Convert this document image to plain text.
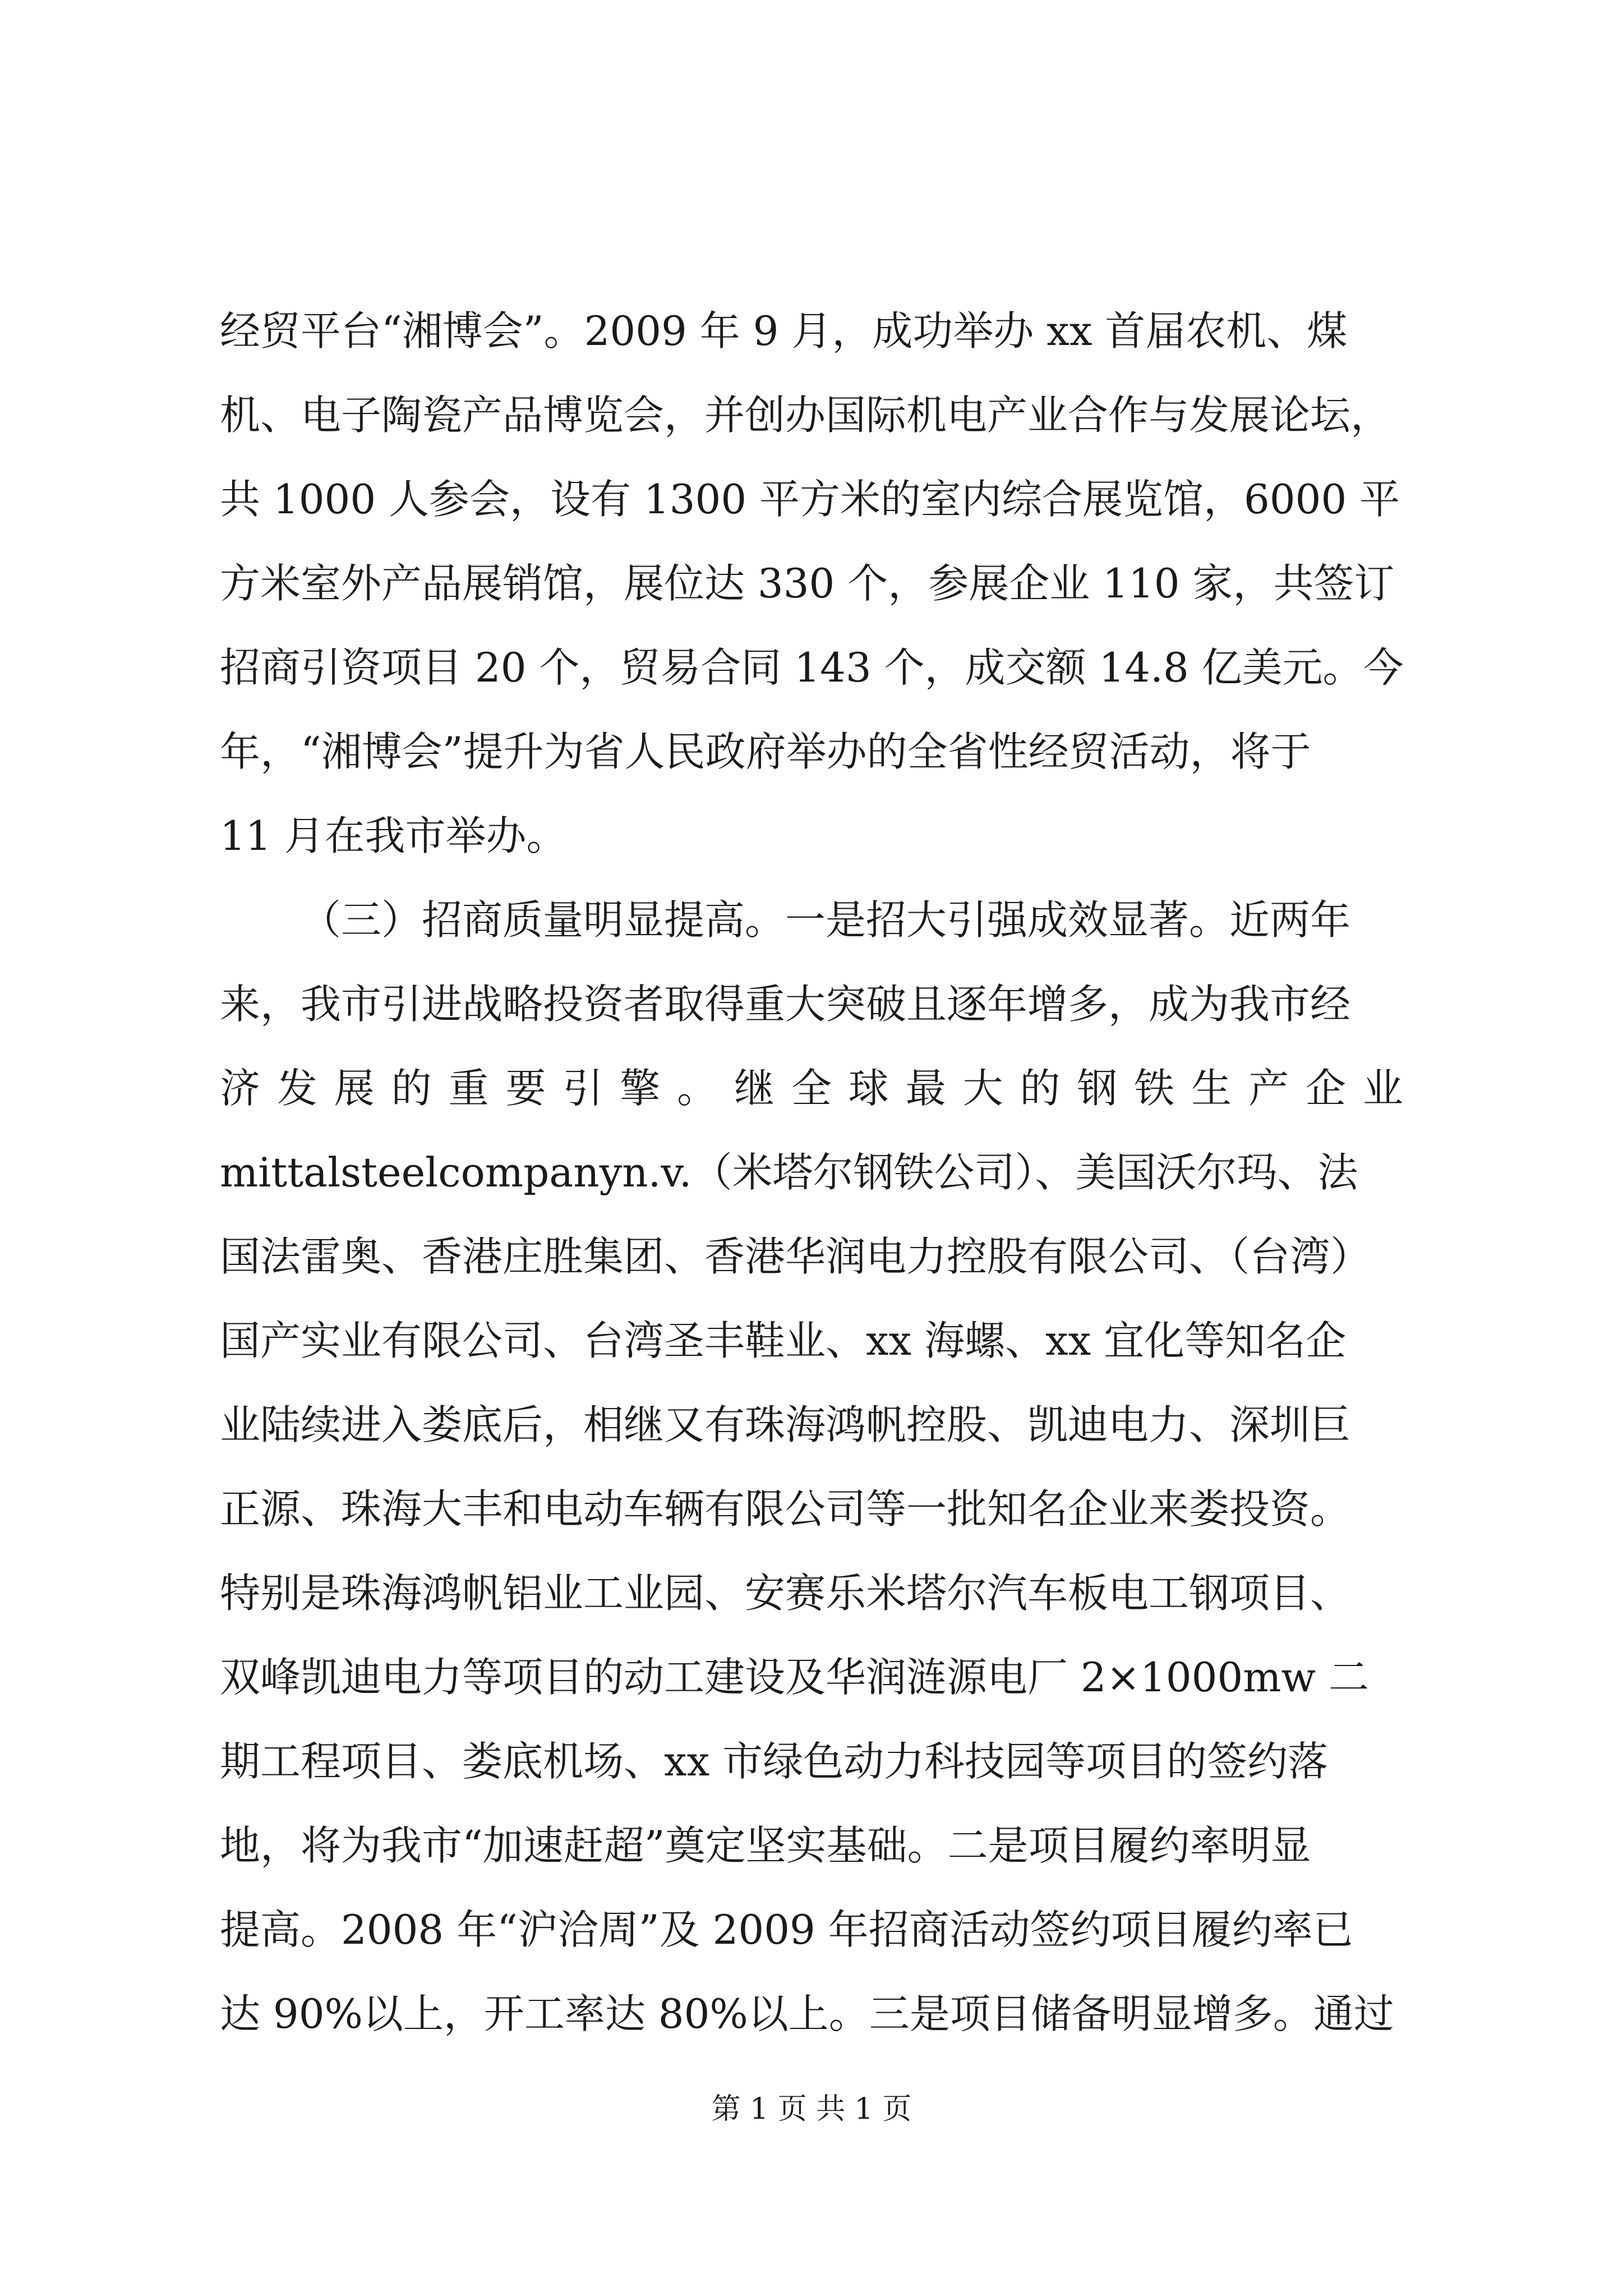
经贸平台“湘博会”。2009 年 9 月，成功举办 xx 首届农机、煤
机、电子陶瓷产品博览会，并创办国际机电产业合作与发展论坛，
共 1000 人参会，设有 1300 平方米的室内综合展览馆，6000 平
方米室外产品展销馆，展位达 330 个，参展企业 110 家，共签订
招商引资项目 20 个，贸易合同 143 个，成交额 14.8 亿美元。今
年，“湘博会”提升为省人民政府举办的全省性经贸活动，将于
11 月在我市举办。
（三）招商质量明显提高。一是招大引强成效显著。近两年
来，我市引进战略投资者取得重大突破且逐年增多，成为我市经
济 发 展 的 重 要 引 擎 。 继 全 球 最 大 的 钢 铁 生 产 企 业
mittalsteelcompanyn.v.（米塔尔钢铁公司）、美国沃尔玛、法
国法雷奥、香港庄胜集团、香港华润电力控股有限公司、（台湾）
国产实业有限公司、台湾圣丰鞋业、xx 海螺、xx 宜化等知名企
业陆续进入娄底后，相继又有珠海鸿帆控股、凯迪电力、深圳巨
正源、珠海大丰和电动车辆有限公司等一批知名企业来娄投资。
特别是珠海鸿帆铝业工业园、安赛乐米塔尔汽车板电工钢项目、
双峰凯迪电力等项目的动工建设及华润涟源电厂 2×1000mw 二
期工程项目、娄底机场、xx 市绿色动力科技园等项目的签约落
地，将为我市“加速赶超”奠定坚实基础。二是项目履约率明显
提高。2008 年“沪洽周”及 2009 年招商活动签约项目履约率已
达 90%以上，开工率达 80%以上。三是项目储备明显增多。通过
第 1 页 共 1 页
